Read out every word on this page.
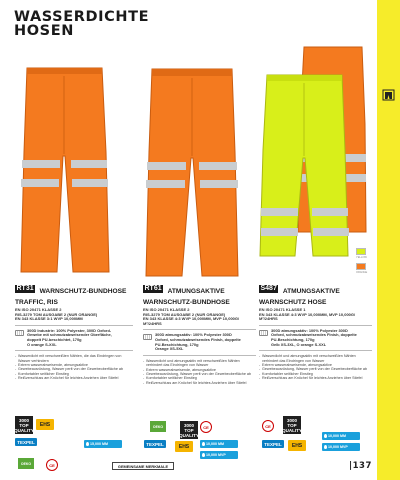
WASSERDICHTE
HOSEN
ORANGE
YELLOW
RT31 WARNSCHUTZ-BUNDHOSE TRAFFIC, RIS
EN ISO 20471 KLASSE 2
RIS-3279 TOM AUSGABE 2 (NUR ORANGE)
EN 343 KLASSE 3:1 WVP 10,000MM
300D Industrie: 100% Polyester, 300D Oxford-
Gewebe mit schmutzabweisender Oberfläche,
doppelt PU-beschichtet, 170g
O orange S-XXL
- Wasserdicht mit verschweißten Nähten, die das Eindringen von Wasser verhindern
- Extrem wasserabweisende, atmungsaktive
- Gewebeausrüstung, Wasser perlt von der Gewebeoberfläche ab
- Komfortabler seitlicher Einstieg
- Reißverschluss am Knöchel für leichtes Anziehen über Stiefel
RT61 ATMUNGSAKTIVE WARNSCHUTZ-BUNDHOSE
EN ISO 20471 KLASSE 2
RIS-3279 TOM AUSGABE 2 (NUR ORANGE)
EN 343 KLASSE 4:3 WVP 10,000MM, MVP 10,000G/
M²/24HRS
300D atmungsaktiv: 100% Polyester 300D
Oxford, schmutzabweisendes Finish, doppelte
PU-Beschichtung, 170g
Orange XS-5XL
- Wasserdicht und atmungsaktiv mit verschweißten Nähten verhindert das Eindringen von Wasser
- Extrem wasserabweisende, atmungsaktive
- Gewebeausrüstung, Wasser perlt von der Gewebeoberfläche ab
- Komfortabler seitlicher Einstieg
- Reißverschluss am Knöchel für leichtes Anziehen über Stiefel
S487 ATMUNGSAKTIVE WARNSCHUTZ HOSE
EN ISO 20471 KLASSE 1
EN 343 KLASSE 4:3 WVP 10,000MM, MVP 10,000G/
M²/24HRS
300D atmungsaktiv: 100% Polyester 300D
Oxford, schmutzabweisendes Finish, doppelte
PU-Beschichtung, 170g
Gelb XS-3XL, O orange S-XXL
- Wasserdicht und atmungsaktiv mit verschweißten Nähten verhindert das Eindringen von Wasser
- Extrem wasserabweisende, atmungsaktive
- Gewebeausrüstung, Wasser perlt von der Gewebeoberfläche ab
- Komfortabler seitlicher Einstieg
- Reißverschluss am Knöchel für leichtes Anziehen über Stiefel
3000 TOP QUALITY
EHS
TEXPEL
OEKO	CE
15,000 MM	TEXPEL
OEKO	3000 TOP QUALITY
EHS
CE
10,000 MM
10,000 MVP
CE
3000 TOP QUALITY
TEXPEL	EHS
10,000 MM
10,000 MVP
GEMEINSAME MERKMALE	|137
